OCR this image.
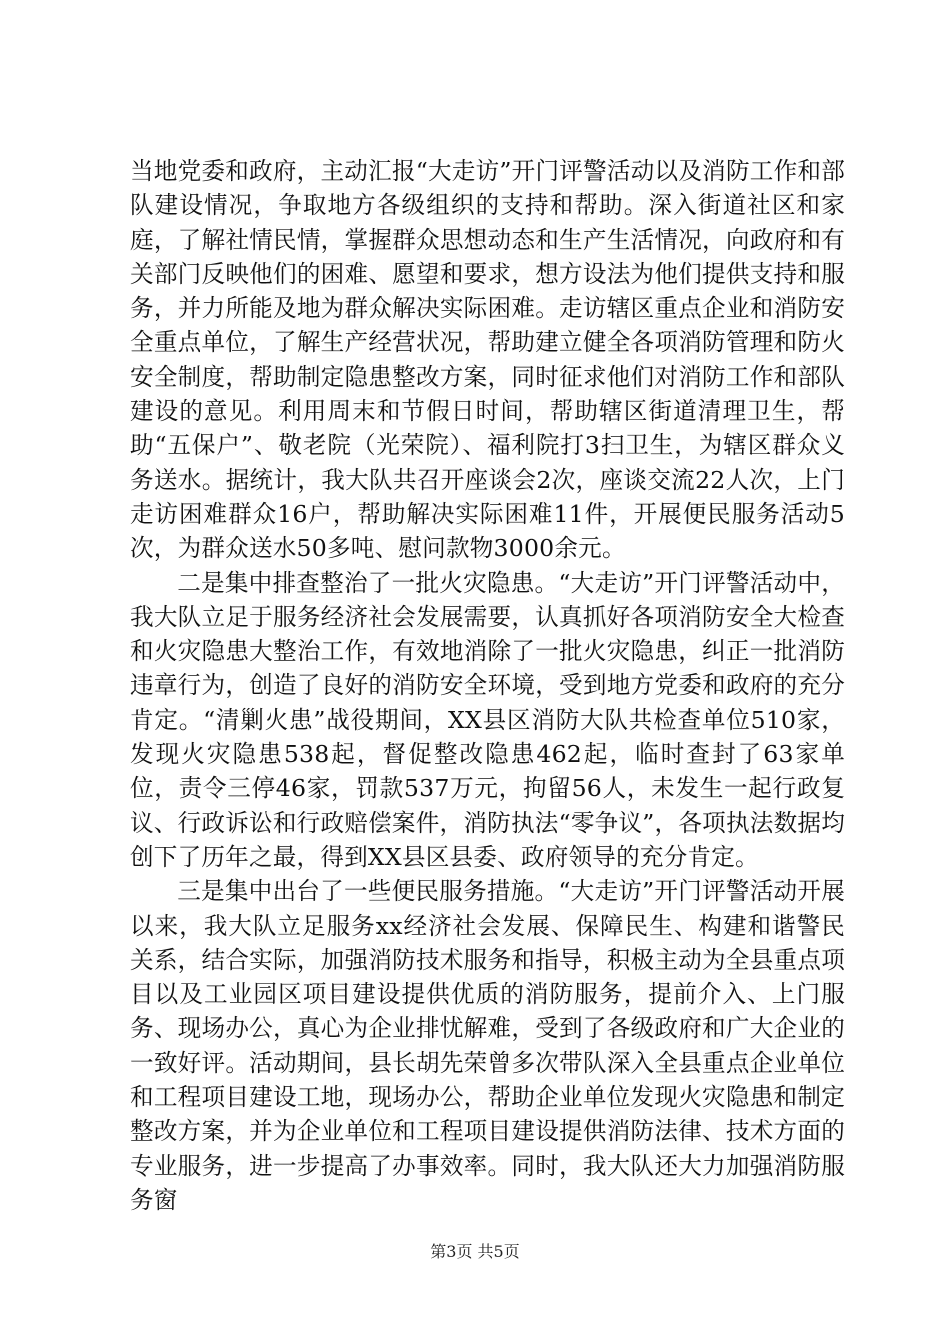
当地党委和政府，主动汇报“大走访”开门评警活动以及消防工作和部队建设情况，争取地方各级组织的支持和帮助。深入街道社区和家庭，了解社情民情，掌握群众思想动态和生产生活情况，向政府和有关部门反映他们的困难、愿望和要求，想方设法为他们提供支持和服务，并力所能及地为群众解决实际困难。走访辖区重点企业和消防安全重点单位，了解生产经营状况，帮助建立健全各项消防管理和防火安全制度，帮助制定隐患整改方案，同时征求他们对消防工作和部队建设的意见。利用周末和节假日时间，帮助辖区街道清理卫生，帮助“五保户”、敬老院（光荣院）、福利院打3扫卫生，为辖区群众义务送水。据统计，我大队共召开座谈会2次，座谈交流22人次，上门走访困难群众16户，帮助解决实际困难11件，开展便民服务活动5次，为群众送水50多吨、慰问款物3000余元。

二是集中排查整治了一批火灾隐患。“大走访”开门评警活动中，我大队立足于服务经济社会发展需要，认真抓好各项消防安全大检查和火灾隐患大整治工作，有效地消除了一批火灾隐患，纠正一批消防违章行为，创造了良好的消防安全环境，受到地方党委和政府的充分肯定。“清剿火患”战役期间，XX县区消防大队共检查单位510家，发现火灾隐患538起，督促整改隐患462起，临时查封了63家单位，责令三停46家，罚款537万元，拘留56人，未发生一起行政复议、行政诉讼和行政赔偿案件，消防执法“零争议”，各项执法数据均创下了历年之最，得到XX县区县委、政府领导的充分肯定。

三是集中出台了一些便民服务措施。“大走访”开门评警活动开展以来，我大队立足服务xx经济社会发展、保障民生、构建和谐警民关系，结合实际，加强消防技术服务和指导，积极主动为全县重点项目以及工业园区项目建设提供优质的消防服务，提前介入、上门服务、现场办公，真心为企业排忧解难，受到了各级政府和广大企业的一致好评。活动期间，县长胡先荣曾多次带队深入全县重点企业单位和工程项目建设工地，现场办公，帮助企业单位发现火灾隐患和制定整改方案，并为企业单位和工程项目建设提供消防法律、技术方面的专业服务，进一步提高了办事效率。同时，我大队还大力加强消防服务窗

第3页 共5页
